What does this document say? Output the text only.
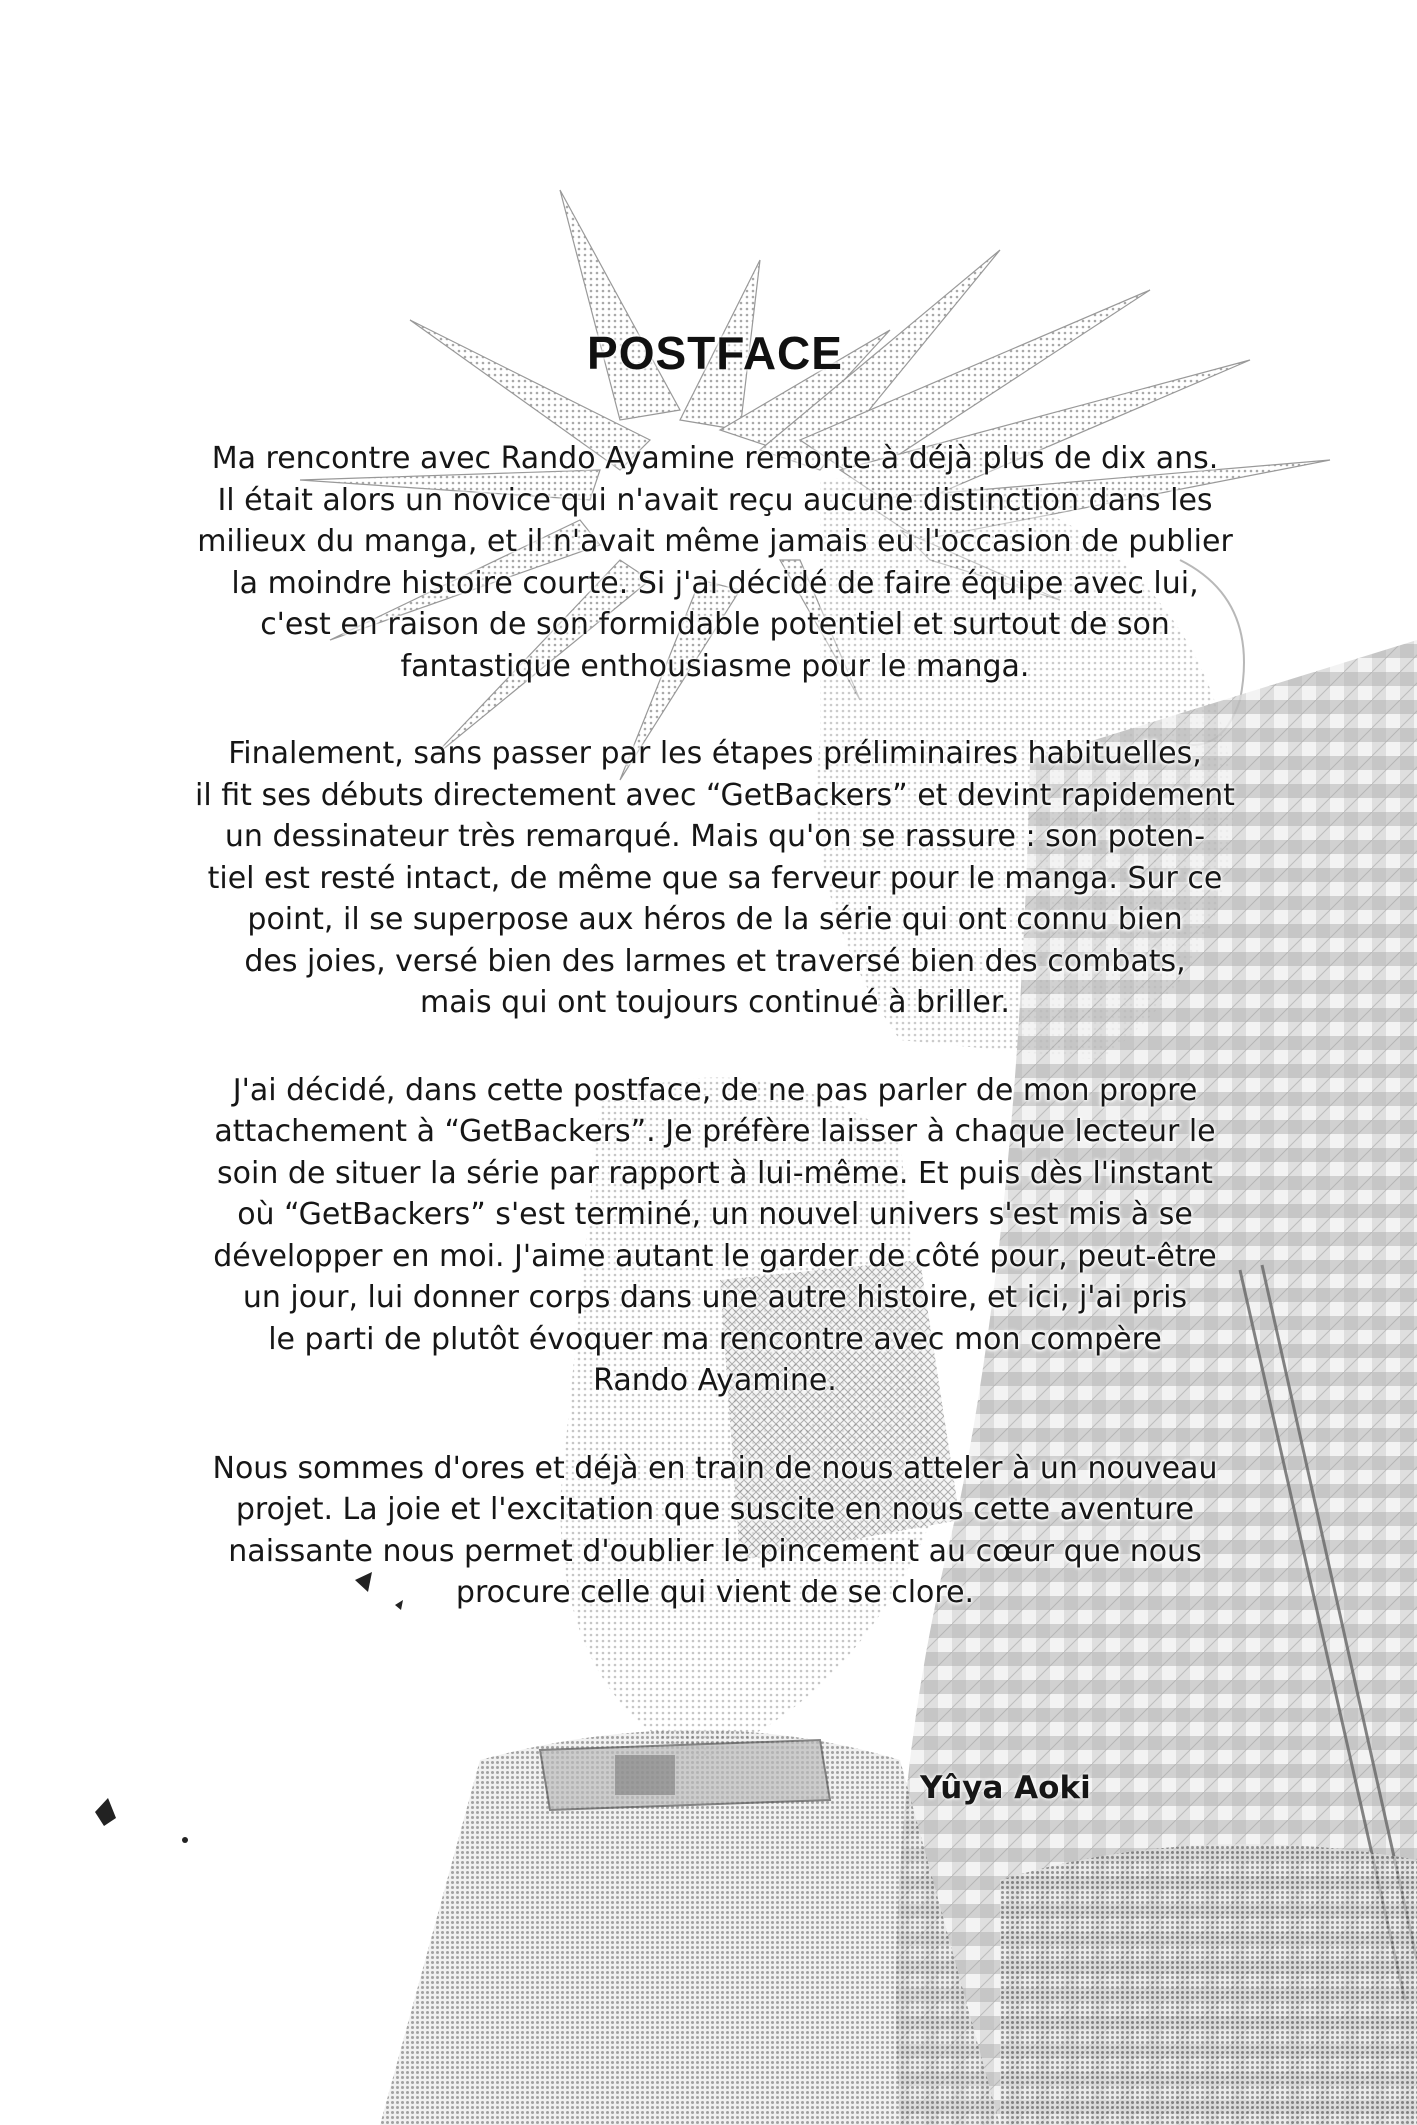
POSTFACE
Ma rencontre avec Rando Ayamine remonte à déjà plus de dix ans.
Il était alors un novice qui n'avait reçu aucune distinction dans les
milieux du manga, et il n'avait même jamais eu l'occasion de publier
la moindre histoire courte. Si j'ai décidé de faire équipe avec lui,
c'est en raison de son formidable potentiel et surtout de son
fantastique enthousiasme pour le manga.
Finalement, sans passer par les étapes préliminaires habituelles,
il fit ses débuts directement avec “GetBackers” et devint rapidement
un dessinateur très remarqué. Mais qu'on se rassure : son poten-
tiel est resté intact, de même que sa ferveur pour le manga. Sur ce
point, il se superpose aux héros de la série qui ont connu bien
des joies, versé bien des larmes et traversé bien des combats,
mais qui ont toujours continué à briller.
J'ai décidé, dans cette postface, de ne pas parler de mon propre
attachement à “GetBackers”. Je préfère laisser à chaque lecteur le
soin de situer la série par rapport à lui-même. Et puis dès l'instant
où “GetBackers” s'est terminé, un nouvel univers s'est mis à se
développer en moi. J'aime autant le garder de côté pour, peut-être
un jour, lui donner corps dans une autre histoire, et ici, j'ai pris
le parti de plutôt évoquer ma rencontre avec mon compère
Rando Ayamine.
Nous sommes d'ores et déjà en train de nous atteler à un nouveau
projet. La joie et l'excitation que suscite en nous cette aventure
naissante nous permet d'oublier le pincement au cœur que nous
procure celle qui vient de se clore.
Yûya Aoki
